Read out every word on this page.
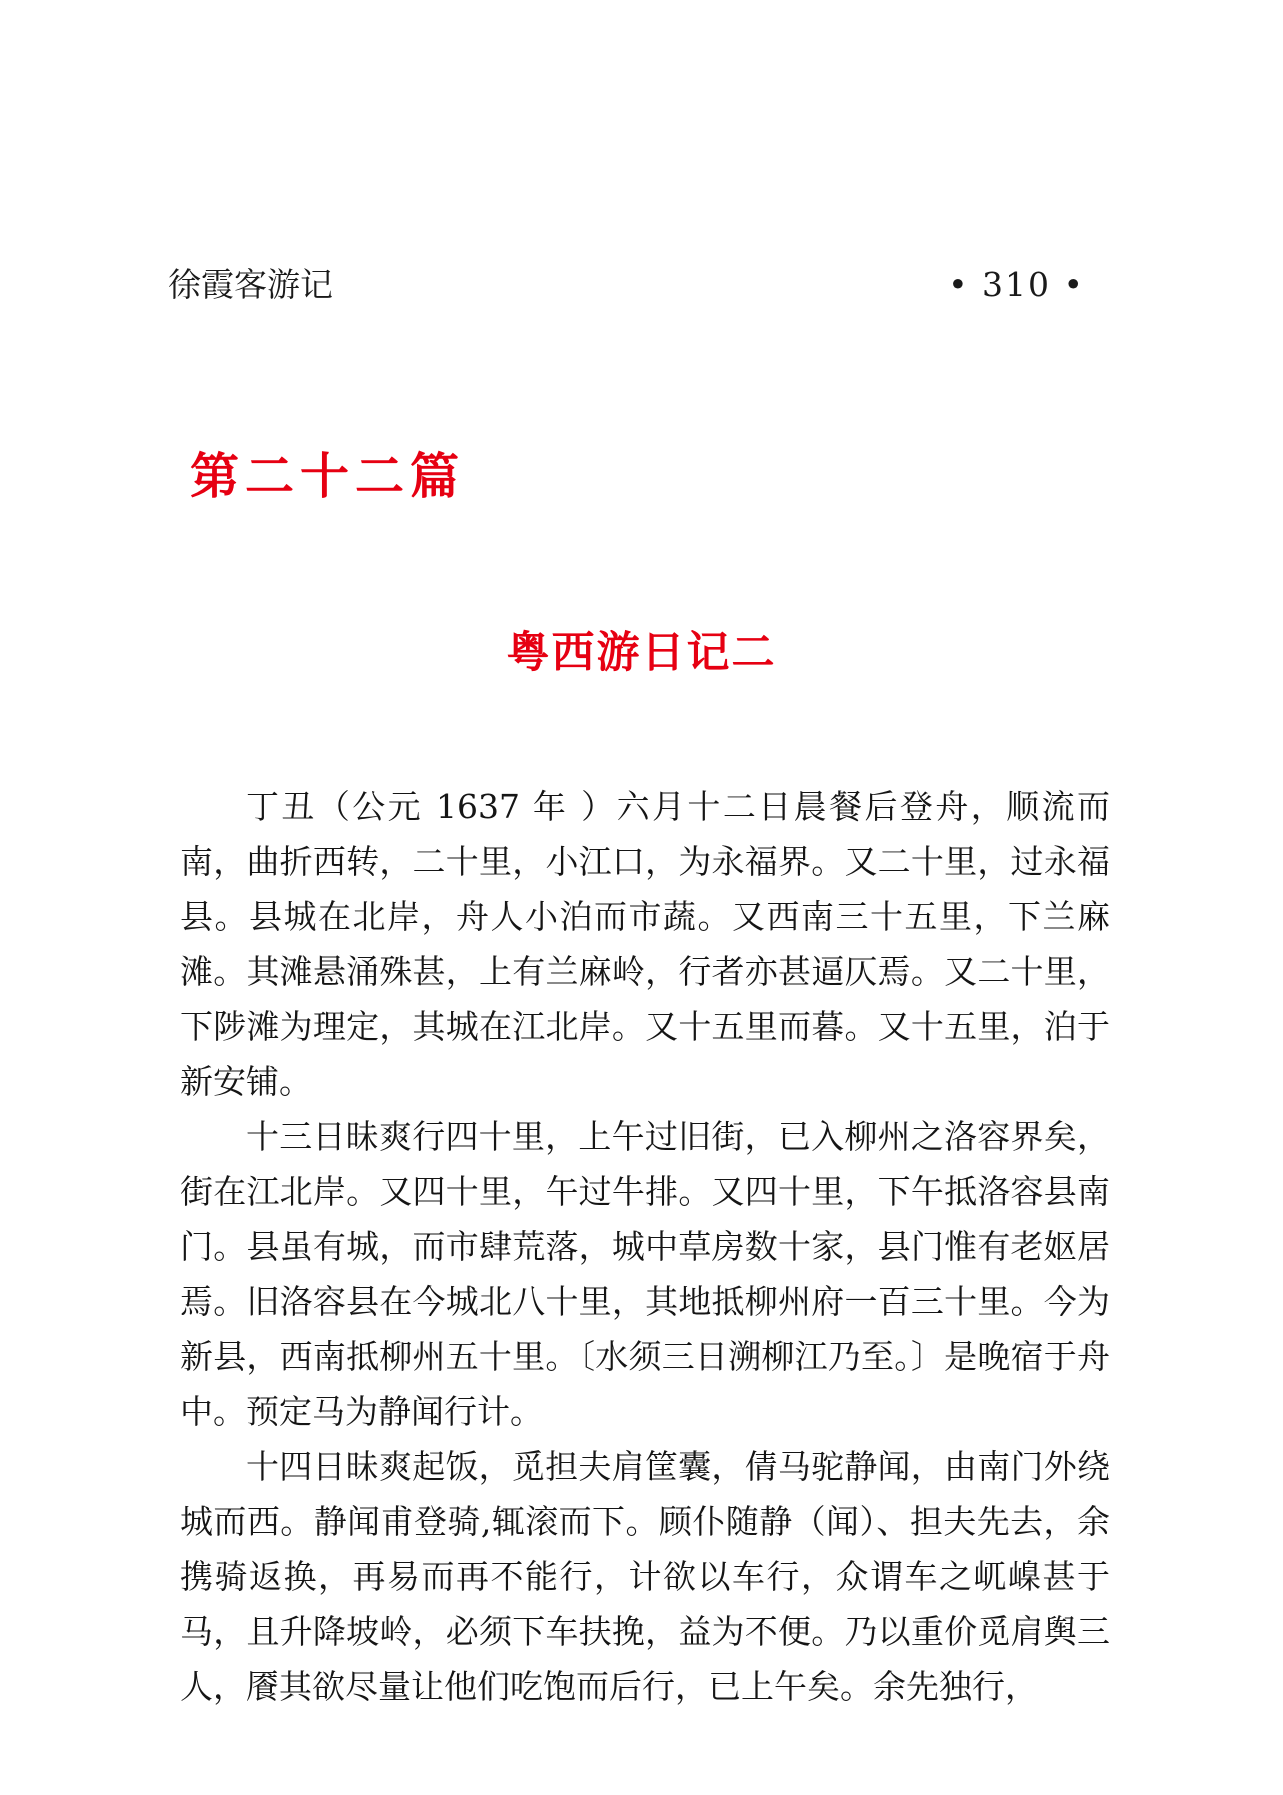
徐霞客游记	• 310 •
第二十二篇
粤西游日记二

丁丑（公元 1637 年 ）六月十二日晨餐后登舟，顺流而南，曲折西转，二十里，小江口，为永福界。又二十里，过永福县。县城在北岸，舟人小泊而市蔬。又西南三十五里，下兰麻滩。其滩悬涌殊甚，上有兰麻岭，行者亦甚逼仄焉。又二十里，下陟滩为理定，其城在江北岸。又十五里而暮。又十五里，泊于新安铺。

十三日昧爽行四十里，上午过旧街，已入柳州之洛容界矣，街在江北岸。又四十里，午过牛排。又四十里，下午抵洛容县南门。县虽有城，而市肆荒落，城中草房数十家，县门惟有老妪居焉。旧洛容县在今城北八十里，其地抵柳州府一百三十里。今为新县，西南抵柳州五十里。〔水须三日溯柳江乃至。〕是晚宿于舟中。预定马为静闻行计。

十四日昧爽起饭，觅担夫肩筐囊，倩马驼静闻，由南门外绕城而西。静闻甫登骑,辄滚而下。顾仆随静（闻）、担夫先去，余携骑返换，再易而再不能行，计欲以车行，众谓车之屼嵲甚于马，且升降坡岭，必须下车扶挽，益为不便。乃以重价觅肩舆三人，餍其欲尽量让他们吃饱而后行，已上午矣。余先独行，
